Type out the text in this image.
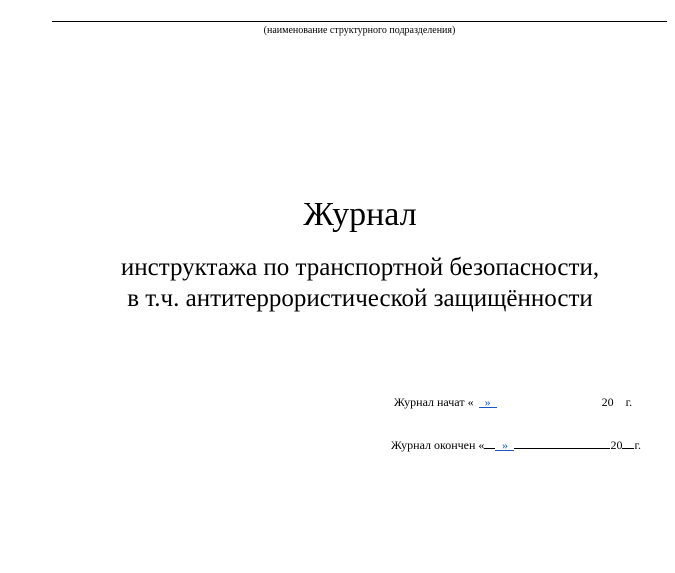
(наименование структурного подразделения)
Журнал
инструктажа по транспортной безопасности,
в т.ч. антитеррористической защищённости
Журнал начат « »	20 г.
Журнал окончен « »	20 г.
